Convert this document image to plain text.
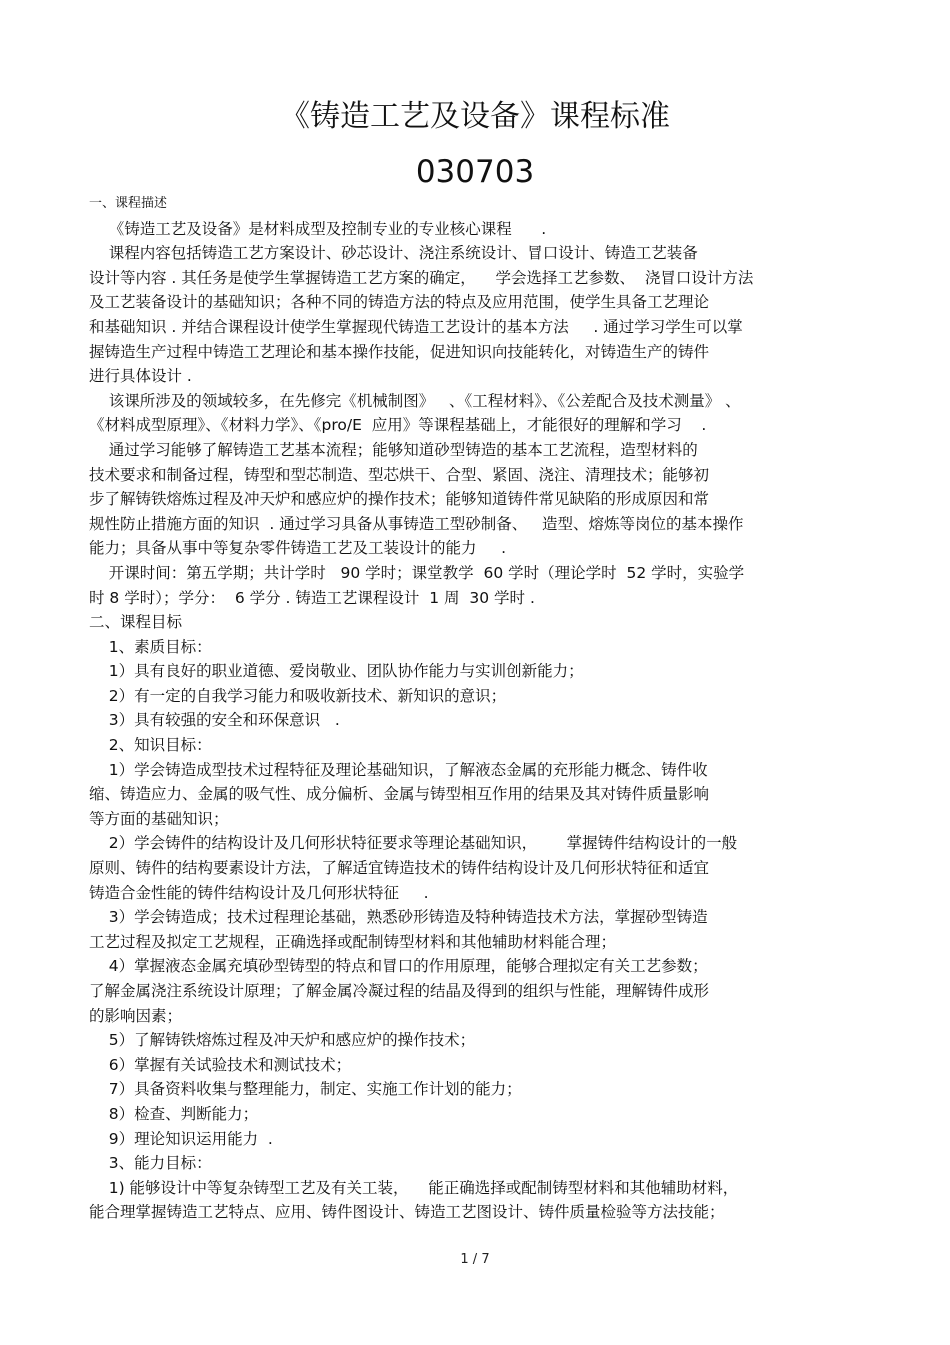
《铸造工艺及设备》课程标准
030703
一、课程描述
《铸造工艺及设备》是材料成型及控制专业的专业核心课程      .
课程内容包括铸造工艺方案设计、砂芯设计、浇注系统设计、冒口设计、铸造工艺装备
设计等内容 . 其任务是使学生掌握铸造工艺方案的确定，    学会选择工艺参数、  浇冒口设计方法
及工艺装备设计的基础知识；各种不同的铸造方法的特点及应用范围，使学生具备工艺理论
和基础知识 . 并结合课程设计使学生掌握现代铸造工艺设计的基本方法     . 通过学习学生可以掌
握铸造生产过程中铸造工艺理论和基本操作技能，促进知识向技能转化，对铸造生产的铸件
进行具体设计 .
该课所涉及的领域较多，在先修完《机械制图》   、《工程材料》、《公差配合及技术测量》 、
《材料成型原理》、《材料力学》、《pro/E  应用》等课程基础上，才能很好的理解和学习    .
通过学习能够了解铸造工艺基本流程；能够知道砂型铸造的基本工艺流程，造型材料的
技术要求和制备过程，铸型和型芯制造、型芯烘干、合型、紧固、浇注、清理技术；能够初
步了解铸铁熔炼过程及冲天炉和感应炉的操作技术；能够知道铸件常见缺陷的形成原因和常
规性防止措施方面的知识  . 通过学习具备从事铸造工型砂制备、   造型、熔炼等岗位的基本操作
能力；具备从事中等复杂零件铸造工艺及工装设计的能力     .
开课时间：第五学期；共计学时   90 学时；课堂教学  60 学时（理论学时  52 学时，实验学
时 8 学时）；学分：  6 学分 . 铸造工艺课程设计  1 周  30 学时 .
二、课程目标
1、素质目标：
1）具有良好的职业道德、爱岗敬业、团队协作能力与实训创新能力；
2）有一定的自我学习能力和吸收新技术、新知识的意识；
3）具有较强的安全和环保意识   .
2、知识目标：
1）学会铸造成型技术过程特征及理论基础知识，了解液态金属的充形能力概念、铸件收
缩、铸造应力、金属的吸气性、成分偏析、金属与铸型相互作用的结果及其对铸件质量影响
等方面的基础知识；
2）学会铸件的结构设计及几何形状特征要求等理论基础知识，      掌握铸件结构设计的一般
原则、铸件的结构要素设计方法，了解适宜铸造技术的铸件结构设计及几何形状特征和适宜
铸造合金性能的铸件结构设计及几何形状特征     .
3）学会铸造成；技术过程理论基础，熟悉砂形铸造及特种铸造技术方法，掌握砂型铸造
工艺过程及拟定工艺规程，正确选择或配制铸型材料和其他辅助材料能合理；
4）掌握液态金属充填砂型铸型的特点和冒口的作用原理，能够合理拟定有关工艺参数；
了解金属浇注系统设计原理；了解金属冷凝过程的结晶及得到的组织与性能，理解铸件成形
的影响因素；
5）了解铸铁熔炼过程及冲天炉和感应炉的操作技术；
6）掌握有关试验技术和测试技术；
7）具备资料收集与整理能力，制定、实施工作计划的能力；
8）检查、判断能力；
9）理论知识运用能力  .
3、能力目标：
1) 能够设计中等复杂铸型工艺及有关工装，    能正确选择或配制铸型材料和其他辅助材料，
能合理掌握铸造工艺特点、应用、铸件图设计、铸造工艺图设计、铸件质量检验等方法技能；
1 / 7
